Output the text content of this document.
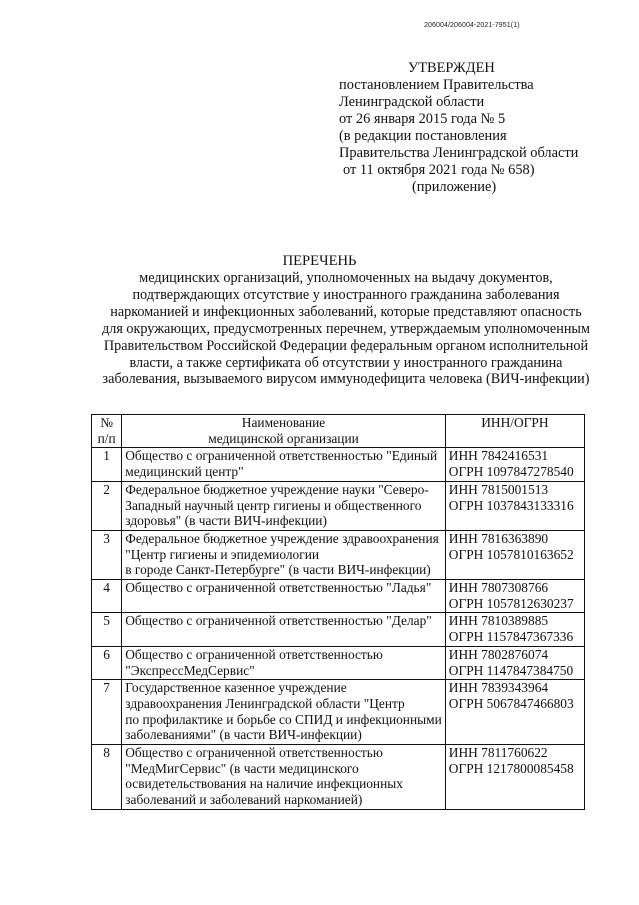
206004/206004-2021-7951(1)
УТВЕРЖДЕН
постановлением Правительства
Ленинградской области
от 26 января 2015 года № 5
(в редакции постановления
Правительства Ленинградской области
от 11 октября 2021 года № 658)
(приложение)
ПЕРЕЧЕНЬ
медицинских организаций, уполномоченных на выдачу документов,
подтверждающих отсутствие у иностранного гражданина заболевания
наркоманией и инфекционных заболеваний, которые представляют опасность
для окружающих, предусмотренных перечнем, утверждаемым уполномоченным
Правительством Российской Федерации федеральным органом исполнительной
власти, а также сертификата об отсутствии у иностранного гражданина
заболевания, вызываемого вирусом иммунодефицита человека (ВИЧ-инфекции)
№
п/п	Наименование
медицинской организации	ИНН/ОГРН

1	Общество с ограниченной ответственностью "Единый
медицинский центр"	ИНН 7842416531
ОГРН 1097847278540

2	Федеральное бюджетное учреждение науки "Северо-
Западный научный центр гигиены и общественного
здоровья" (в части ВИЧ-инфекции)	ИНН 7815001513
ОГРН 1037843133316

3	Федеральное бюджетное учреждение здравоохранения
"Центр гигиены и эпидемиологии
в городе Санкт-Петербурге" (в части ВИЧ-инфекции)	ИНН 7816363890
ОГРН 1057810163652

4	Общество с ограниченной ответственностью "Ладья"	ИНН 7807308766
ОГРН 1057812630237

5	Общество с ограниченной ответственностью "Делар"	ИНН 7810389885
ОГРН 1157847367336

6	Общество с ограниченной ответственностью
"ЭкспрессМедСервис"	ИНН 7802876074
ОГРН 1147847384750

7	Государственное казенное учреждение
здравоохранения Ленинградской области "Центр
по профилактике и борьбе со СПИД и инфекционными
заболеваниями" (в части ВИЧ-инфекции)	ИНН 7839343964
ОГРН 5067847466803

8	Общество с ограниченной ответственностью
"МедМигСервис" (в части медицинского
освидетельствования на наличие инфекционных
заболеваний и заболеваний наркоманией)	ИНН 7811760622
ОГРН 1217800085458
